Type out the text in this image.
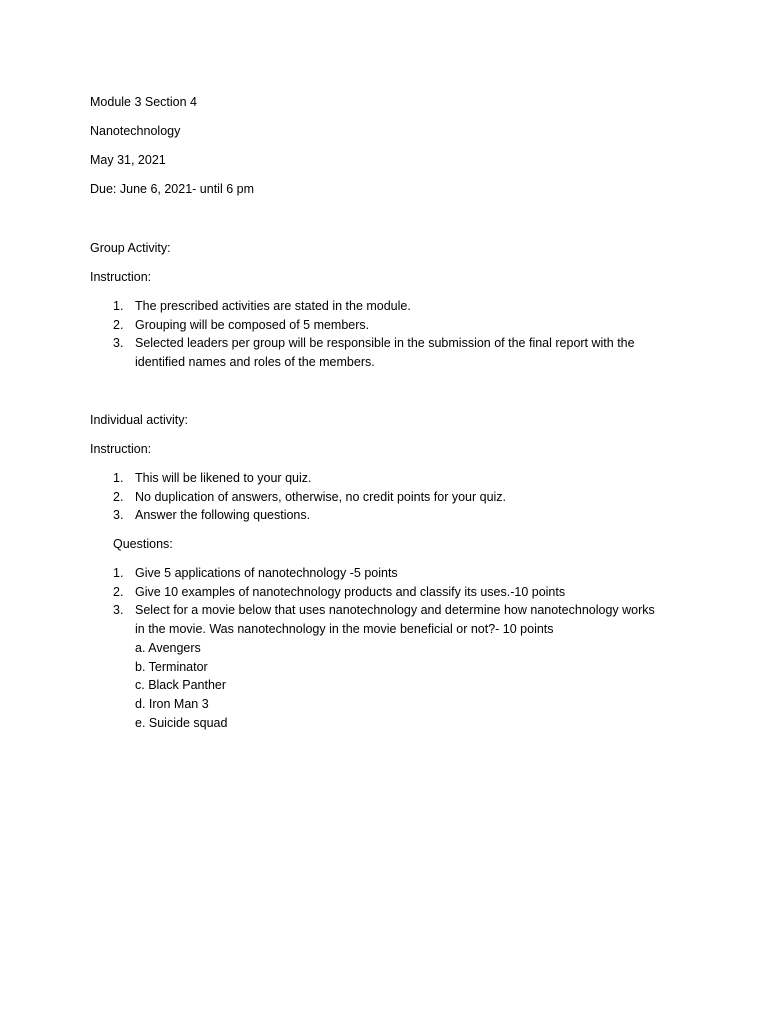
Module 3 Section 4
Nanotechnology
May 31, 2021
Due: June 6, 2021- until 6 pm
Group Activity:
Instruction:
1. The prescribed activities are stated in the module.
2. Grouping will be composed of 5 members.
3. Selected leaders per group will be responsible in the submission of the final report with the
identified names and roles of the members.
Individual activity:
Instruction:
1. This will be likened to your quiz.
2. No duplication of answers, otherwise, no credit points for your quiz.
3. Answer the following questions.
Questions:
1. Give 5 applications of nanotechnology -5 points
2. Give 10 examples of nanotechnology products and classify its uses.-10 points
3. Select for a movie below that uses nanotechnology and determine how nanotechnology works
in the movie. Was nanotechnology in the movie beneficial or not?- 10 points
a. Avengers
b. Terminator
c. Black Panther
d. Iron Man 3
e. Suicide squad
